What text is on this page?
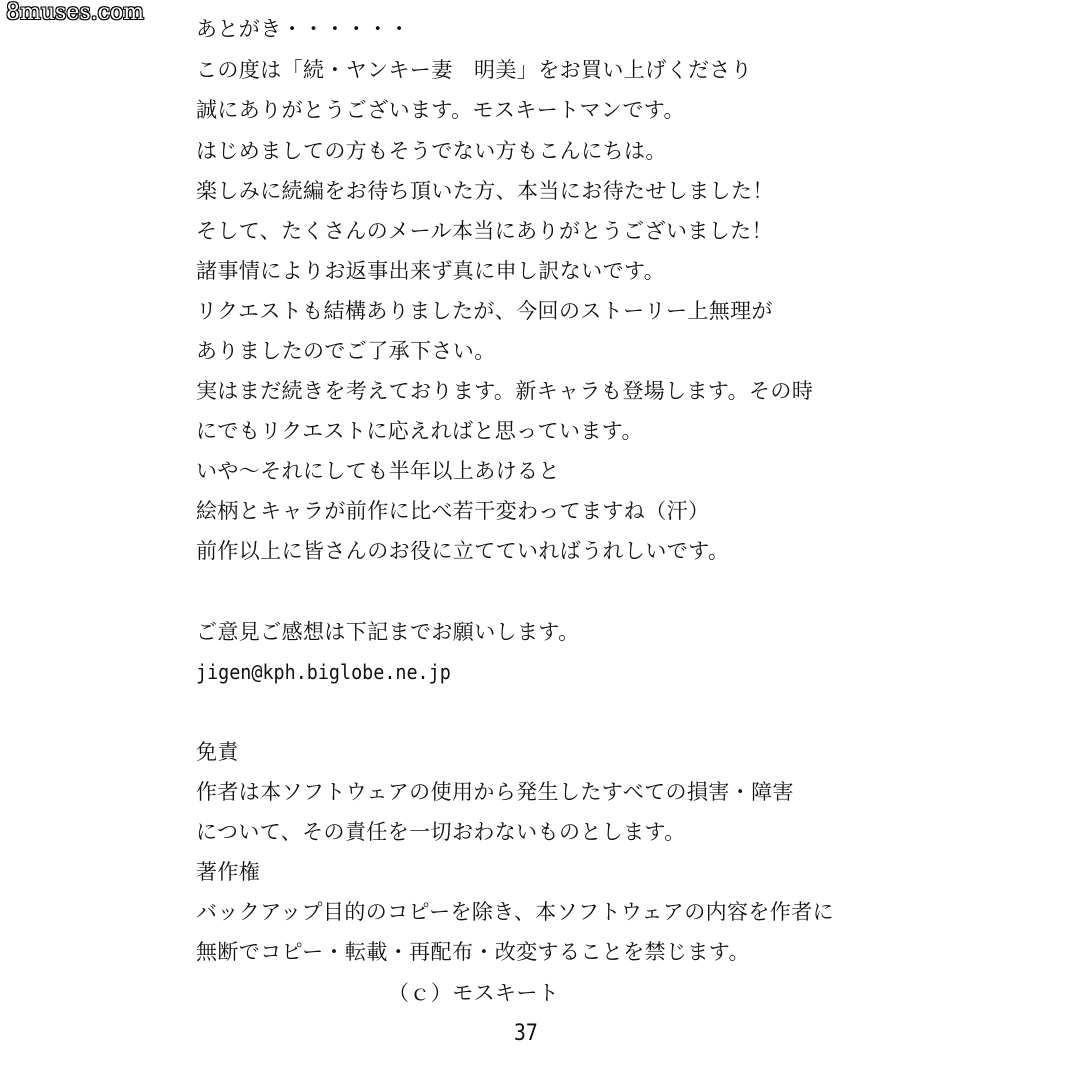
8muses.com
あとがき・・・・・・
この度は「続・ヤンキー妻　明美」をお買い上げくださり
誠にありがとうございます。モスキートマンです。
はじめましての方もそうでない方もこんにちは。
楽しみに続編をお待ち頂いた方、本当にお待たせしました！
そして、たくさんのメール本当にありがとうございました！
諸事情によりお返事出来ず真に申し訳ないです。
リクエストも結構ありましたが、今回のストーリー上無理が
ありましたのでご了承下さい。
実はまだ続きを考えております。新キャラも登場します。その時
にでもリクエストに応えればと思っています。
いや～それにしても半年以上あけると
絵柄とキャラが前作に比べ若干変わってますね（汗）
前作以上に皆さんのお役に立てていればうれしいです。
ご意見ご感想は下記までお願いします。
jigen@kph.biglobe.ne.jp
免責
作者は本ソフトウェアの使用から発生したすべての損害・障害
について、その責任を一切おわないものとします。
著作権
バックアップ目的のコピーを除き、本ソフトウェアの内容を作者に
無断でコピー・転載・再配布・改変することを禁じます。
（ｃ）モスキート
37
